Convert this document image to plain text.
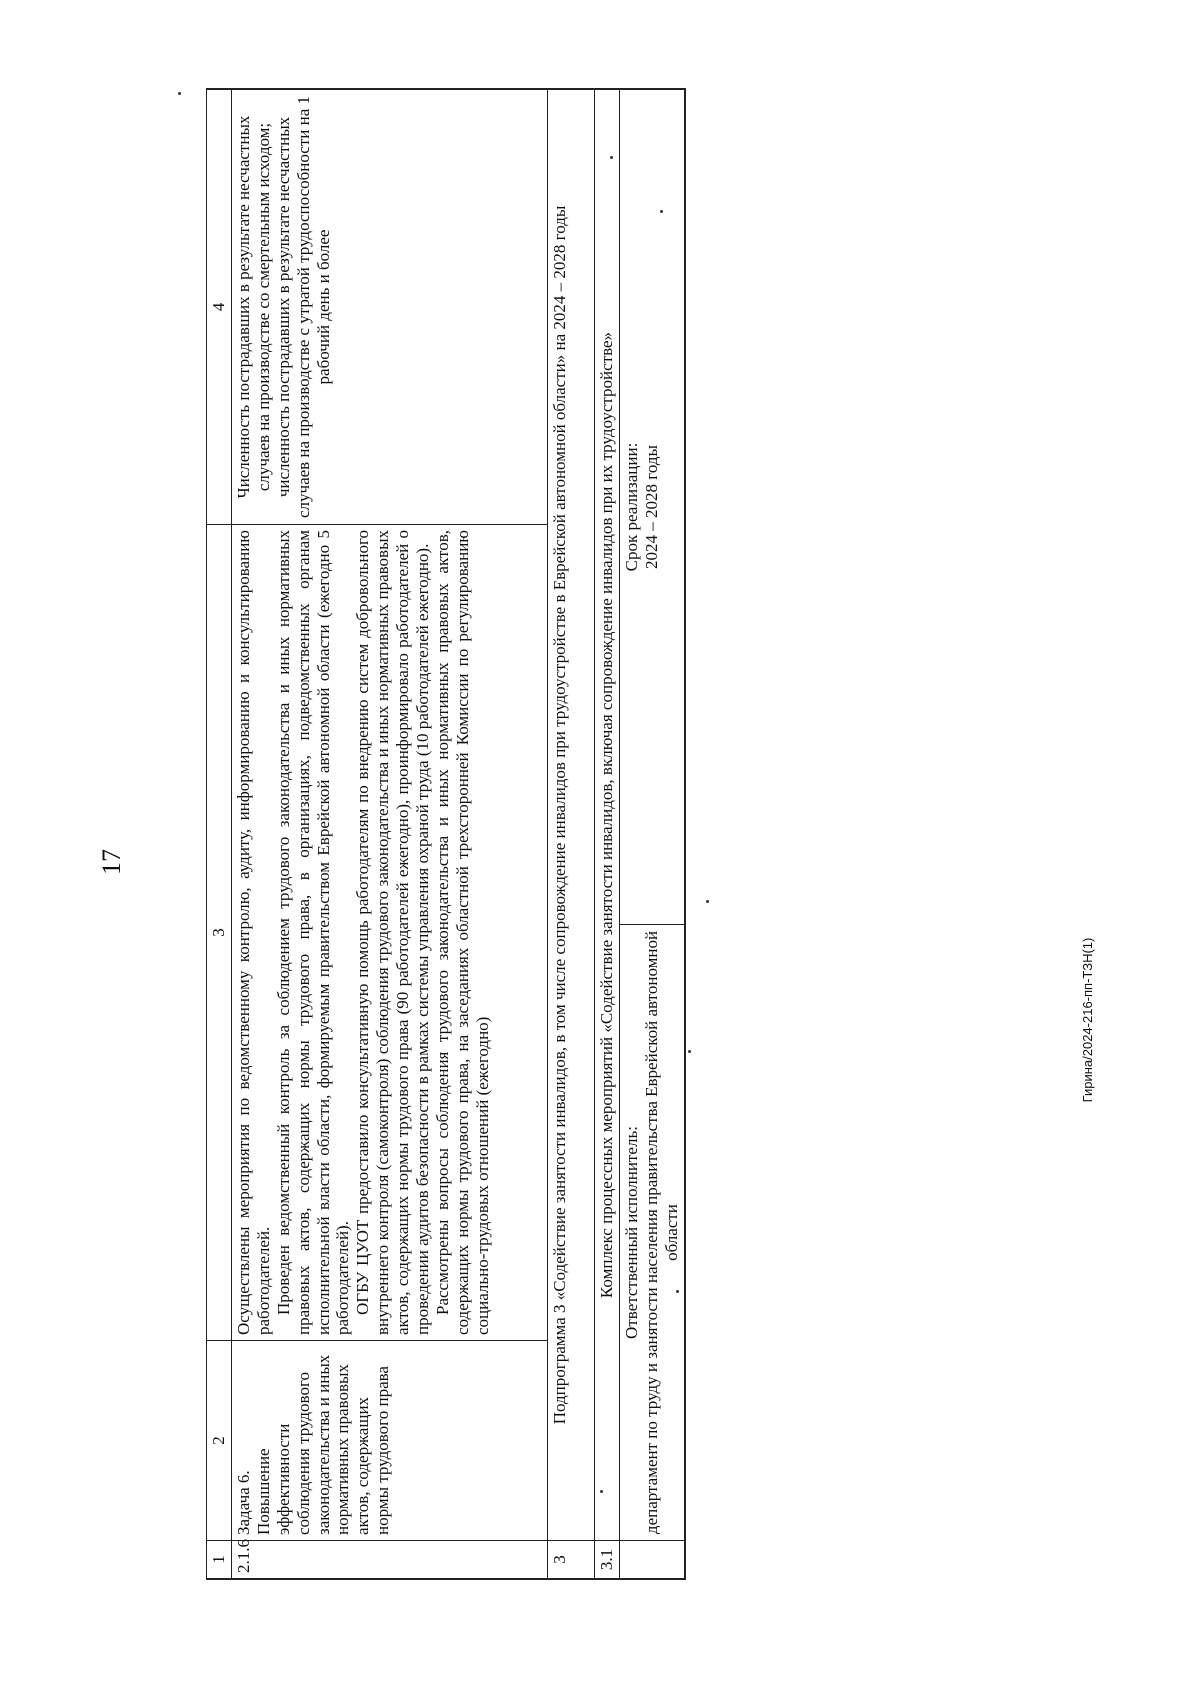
17
Гирина/2024-216-пп-ТЗН(1)
1
2
3
4
2.1.6
Задача 6.
Повышение эффективности соблюдения трудового законодательства и иных нормативных правовых актов, содержащих нормы трудового права

Осуществлены мероприятия по ведомственному контролю, аудиту, информированию и консультированию работодателей. Проведен ведомственный контроль за соблюдением трудового законодательства и иных нормативных правовых актов, содержащих нормы трудового права, в организациях, подведомственных органам исполнительной власти области, формируемым правительством Еврейской автономной области (ежегодно 5 работодателей). ОГБУ ЦУОТ предоставило консультативную помощь работодателям по внедрению систем добровольного внутреннего контроля (самоконтроля) соблюдения трудового законодательства и иных нормативных правовых актов, содержащих нормы трудового права (90 работодателей ежегодно), проинформировало работодателей о проведении аудитов безопасности в рамках системы управления охраной труда (10 работодателей ежегодно). Рассмотрены вопросы соблюдения трудового законодательства и иных нормативных правовых актов, содержащих нормы трудового права, на заседаниях областной трехсторонней Комиссии по регулированию социально-трудовых отношений (ежегодно)

Численность пострадавших в результате несчастных случаев на производстве со смертельным исходом;
численность пострадавших в результате несчастных случаев на производстве с утратой трудоспособности на 1 рабочий день и более
3
Подпрограмма 3 «Содействие занятости инвалидов, в том числе сопровождение инвалидов при трудоустройстве в Еврейской автономной области» на 2024 – 2028 годы
3.1
Комплекс процессных мероприятий «Содействие занятости инвалидов, включая сопровождение инвалидов при их трудоустройстве» Ответственный исполнитель: департамент по труду и занятости населения правительства Еврейской автономной области
Срок реализации: 2024 – 2028 годы
